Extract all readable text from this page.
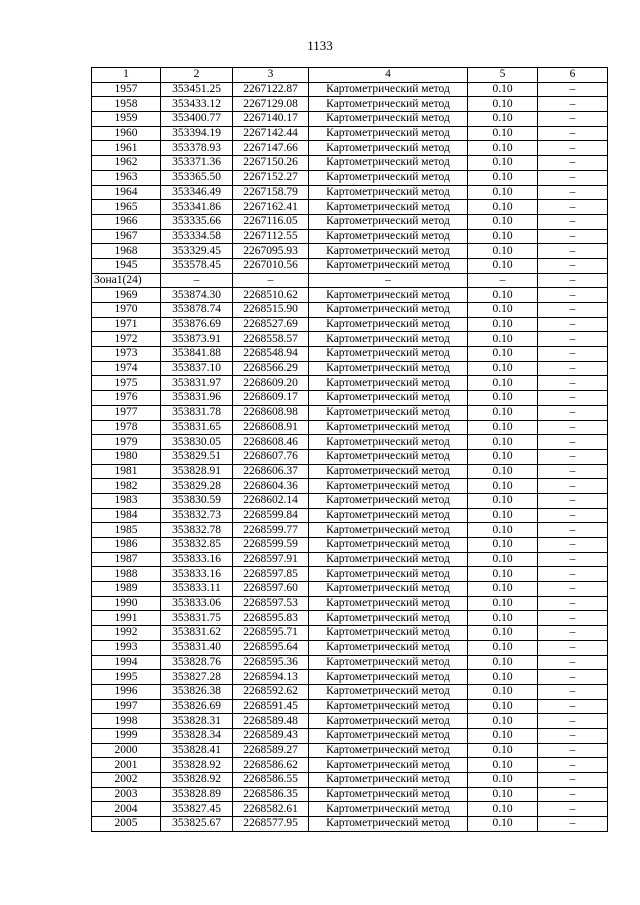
1133
1	2	3	4	5	6
1957	353451.25	2267122.87	Картометрический метод	0.10	–
1958	353433.12	2267129.08	Картометрический метод	0.10	–
1959	353400.77	2267140.17	Картометрический метод	0.10	–
1960	353394.19	2267142.44	Картометрический метод	0.10	–
1961	353378.93	2267147.66	Картометрический метод	0.10	–
1962	353371.36	2267150.26	Картометрический метод	0.10	–
1963	353365.50	2267152.27	Картометрический метод	0.10	–
1964	353346.49	2267158.79	Картометрический метод	0.10	–
1965	353341.86	2267162.41	Картометрический метод	0.10	–
1966	353335.66	2267116.05	Картометрический метод	0.10	–
1967	353334.58	2267112.55	Картометрический метод	0.10	–
1968	353329.45	2267095.93	Картометрический метод	0.10	–
1945	353578.45	2267010.56	Картометрический метод	0.10	–
Зона1(24)	–	–	–	–	–
1969	353874.30	2268510.62	Картометрический метод	0.10	–
1970	353878.74	2268515.90	Картометрический метод	0.10	–
1971	353876.69	2268527.69	Картометрический метод	0.10	–
1972	353873.91	2268558.57	Картометрический метод	0.10	–
1973	353841.88	2268548.94	Картометрический метод	0.10	–
1974	353837.10	2268566.29	Картометрический метод	0.10	–
1975	353831.97	2268609.20	Картометрический метод	0.10	–
1976	353831.96	2268609.17	Картометрический метод	0.10	–
1977	353831.78	2268608.98	Картометрический метод	0.10	–
1978	353831.65	2268608.91	Картометрический метод	0.10	–
1979	353830.05	2268608.46	Картометрический метод	0.10	–
1980	353829.51	2268607.76	Картометрический метод	0.10	–
1981	353828.91	2268606.37	Картометрический метод	0.10	–
1982	353829.28	2268604.36	Картометрический метод	0.10	–
1983	353830.59	2268602.14	Картометрический метод	0.10	–
1984	353832.73	2268599.84	Картометрический метод	0.10	–
1985	353832.78	2268599.77	Картометрический метод	0.10	–
1986	353832.85	2268599.59	Картометрический метод	0.10	–
1987	353833.16	2268597.91	Картометрический метод	0.10	–
1988	353833.16	2268597.85	Картометрический метод	0.10	–
1989	353833.11	2268597.60	Картометрический метод	0.10	–
1990	353833.06	2268597.53	Картометрический метод	0.10	–
1991	353831.75	2268595.83	Картометрический метод	0.10	–
1992	353831.62	2268595.71	Картометрический метод	0.10	–
1993	353831.40	2268595.64	Картометрический метод	0.10	–
1994	353828.76	2268595.36	Картометрический метод	0.10	–
1995	353827.28	2268594.13	Картометрический метод	0.10	–
1996	353826.38	2268592.62	Картометрический метод	0.10	–
1997	353826.69	2268591.45	Картометрический метод	0.10	–
1998	353828.31	2268589.48	Картометрический метод	0.10	–
1999	353828.34	2268589.43	Картометрический метод	0.10	–
2000	353828.41	2268589.27	Картометрический метод	0.10	–
2001	353828.92	2268586.62	Картометрический метод	0.10	–
2002	353828.92	2268586.55	Картометрический метод	0.10	–
2003	353828.89	2268586.35	Картометрический метод	0.10	–
2004	353827.45	2268582.61	Картометрический метод	0.10	–
2005	353825.67	2268577.95	Картометрический метод	0.10	–
